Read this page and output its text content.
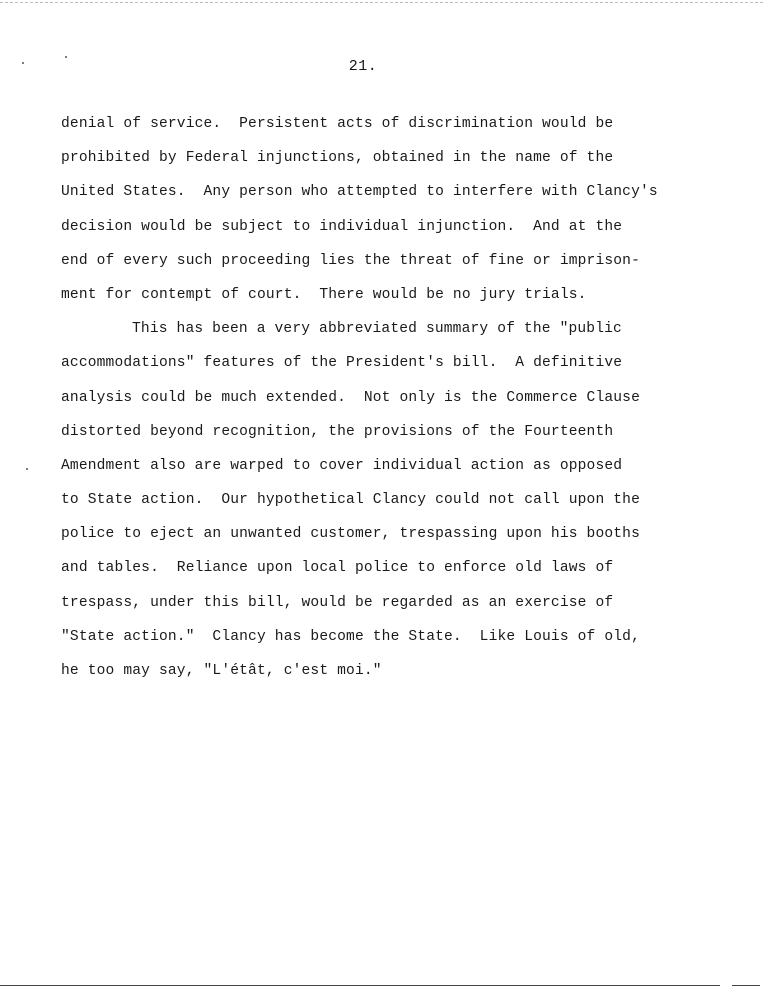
21.
denial of service.  Persistent acts of discrimination would be
prohibited by Federal injunctions, obtained in the name of the
United States.  Any person who attempted to interfere with Clancy's
decision would be subject to individual injunction.  And at the
end of every such proceeding lies the threat of fine or imprison-
ment for contempt of court.  There would be no jury trials.
This has been a very abbreviated summary of the "public
accommodations" features of the President's bill.  A definitive
analysis could be much extended.  Not only is the Commerce Clause
distorted beyond recognition, the provisions of the Fourteenth
Amendment also are warped to cover individual action as opposed
to State action.  Our hypothetical Clancy could not call upon the
police to eject an unwanted customer, trespassing upon his booths
and tables.  Reliance upon local police to enforce old laws of
trespass, under this bill, would be regarded as an exercise of
"State action."  Clancy has become the State.  Like Louis of old,
he too may say, "L'étât, c'est moi."
